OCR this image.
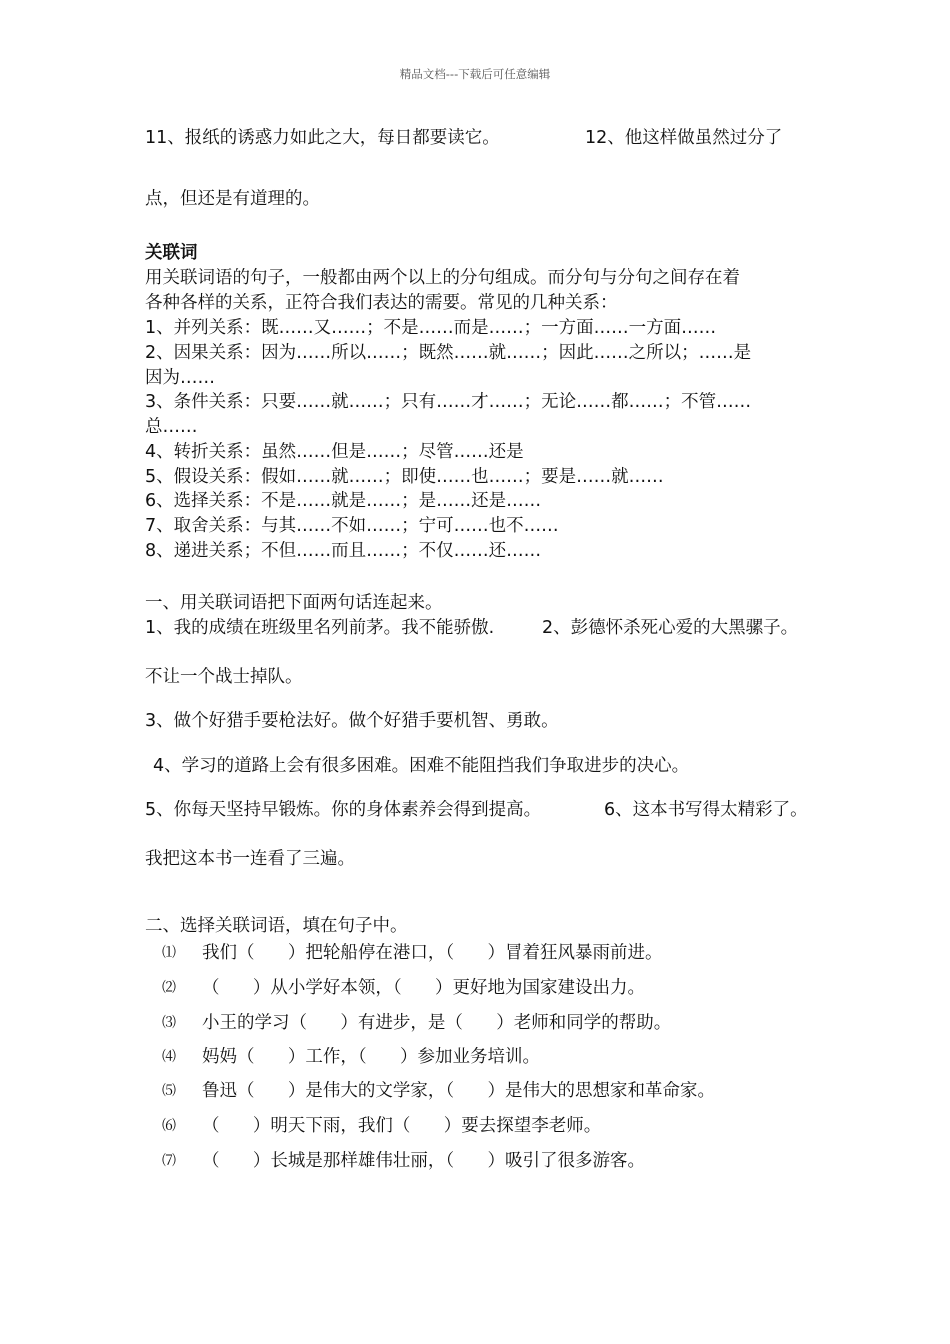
精品文档---下载后可任意编辑
11、报纸的诱惑力如此之大，每日都要读它。	12、他这样做虽然过分了
点，但还是有道理的。
关联词
用关联词语的句子，一般都由两个以上的分句组成。而分句与分句之间存在着
各种各样的关系，正符合我们表达的需要。常见的几种关系：
1、并列关系：既……又……；不是……而是……；一方面……一方面……
2、因果关系：因为……所以……；既然……就……；因此……之所以；……是
因为……
3、条件关系：只要……就……；只有……才……；无论……都……；不管……
总……
4、转折关系：虽然……但是……；尽管……还是
5、假设关系：假如……就……；即使……也……；要是……就……
6、选择关系：不是……就是……；是……还是……
7、取舍关系：与其……不如……；宁可……也不……
8、递进关系；不但……而且……；不仅……还……
一、用关联词语把下面两句话连起来。
1、我的成绩在班级里名列前茅。我不能骄傲.	2、彭德怀杀死心爱的大黑骡子。
不让一个战士掉队。
3、做个好猎手要枪法好。做个好猎手要机智、勇敢。
4、学习的道路上会有很多困难。困难不能阻挡我们争取进步的决心。
5、你每天坚持早锻炼。你的身体素养会得到提高。	6、这本书写得太精彩了。
我把这本书一连看了三遍。
二、选择关联词语，填在句子中。
⑴ 我们（      ）把轮船停在港口，（      ）冒着狂风暴雨前进。
⑵ （      ）从小学好本领，（      ）更好地为国家建设出力。
⑶ 小王的学习（      ）有进步，是（      ）老师和同学的帮助。
⑷ 妈妈（      ）工作，（      ）参加业务培训。
⑸ 鲁迅（      ）是伟大的文学家，（      ）是伟大的思想家和革命家。
⑹ （      ）明天下雨，我们（      ）要去探望李老师。
⑺ （      ）长城是那样雄伟壮丽，（      ）吸引了很多游客。
